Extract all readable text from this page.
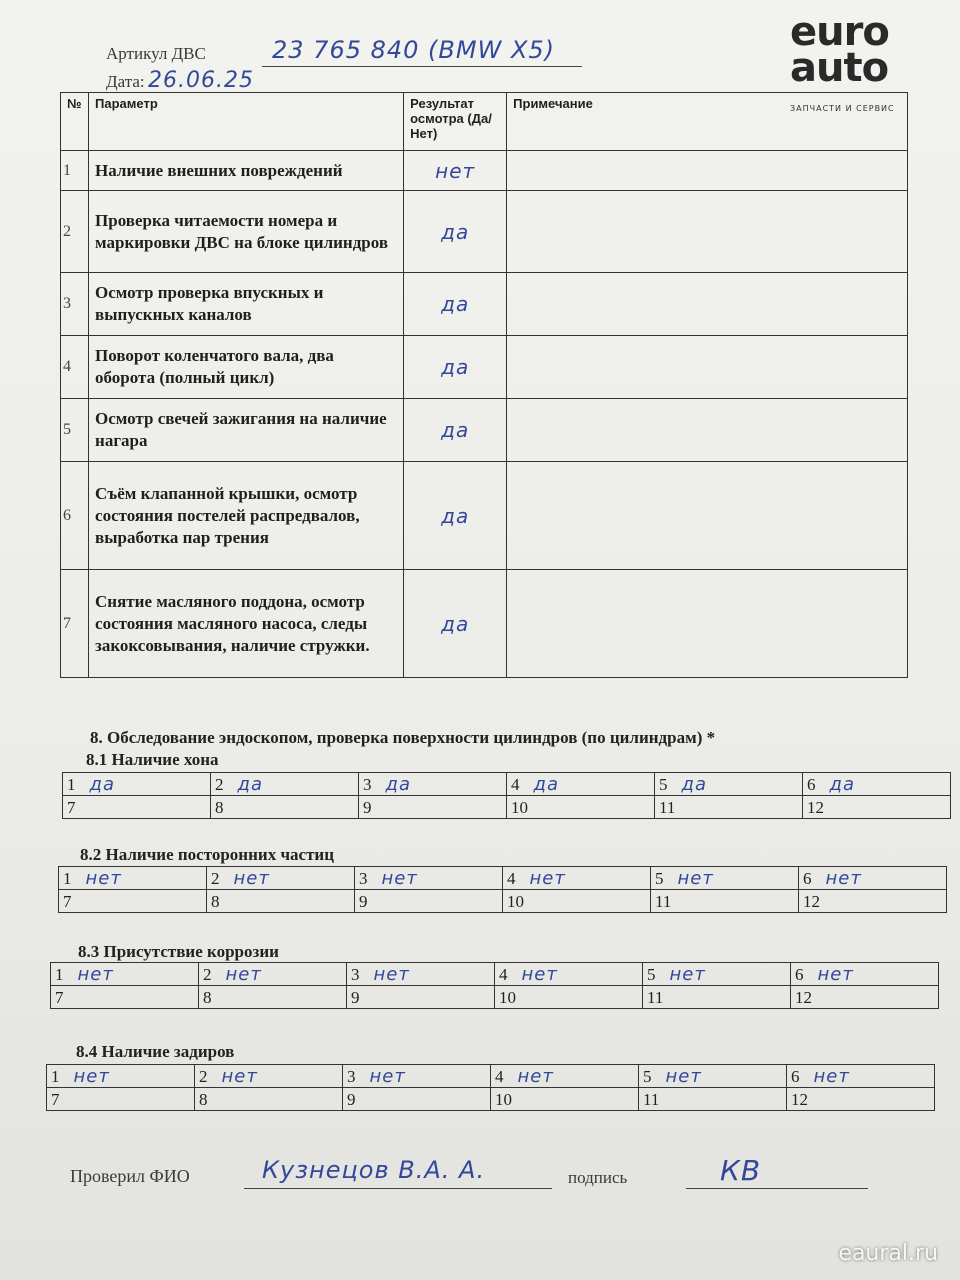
Артикул ДВС	23 765 840 (BMW X5)
Дата: 26.06.25
euro
auto
ЗАПЧАСТИ И СЕРВИС
№	Параметр	Результат осмотра (Да/Нет)	Примечание
1	Наличие внешних повреждений	нет	
2	Проверка читаемости номера и маркировки ДВС на блоке цилиндров	да	
3	Осмотр проверка впускных и выпускных каналов	да	
4	Поворот коленчатого вала, два оборота (полный цикл)	да	
5	Осмотр свечей зажигания на наличие нагара	да	
6	Съём клапанной крышки, осмотр состояния постелей распредвалов, выработка пар трения	да	
7	Снятие масляного поддона, осмотр состояния масляного насоса, следы закоксовывания, наличие стружки.	да	
8. Обследование эндоскопом, проверка поверхности цилиндров (по цилиндрам) *
8.1 Наличие хона
1 да	2 да	3 да	4 да	5 да	6 да
7	8	9	10	11	12
8.2 Наличие посторонних частиц
1 нет	2 нет	3 нет	4 нет	5 нет	6 нет
7	8	9	10	11	12
8.3 Присутствие коррозии
1 нет	2 нет	3 нет	4 нет	5 нет	6 нет
7	8	9	10	11	12
8.4 Наличие задиров
1 нет	2 нет	3 нет	4 нет	5 нет	6 нет
7	8	9	10	11	12
Проверил ФИО	Кузнецов В.А. А.	подпись	КВ
eaural.ru
